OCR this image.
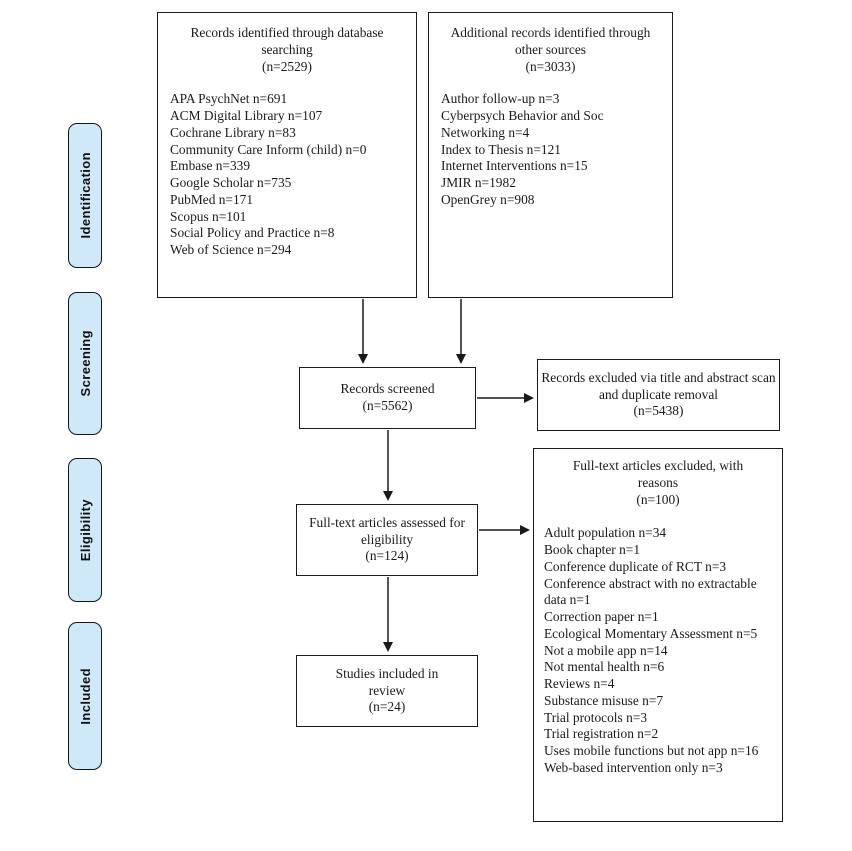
Identification
Screening
Eligibility
Included
Records identified through database searching
(n=2529)
APA PsychNet n=691
ACM Digital Library n=107
Cochrane Library n=83
Community Care Inform (child) n=0
Embase n=339
Google Scholar n=735
PubMed n=171
Scopus n=101
Social Policy and Practice n=8
Web of Science n=294
Additional records identified through other sources
(n=3033)
Author follow-up n=3
Cyberpsych Behavior and Soc Networking n=4
Index to Thesis n=121
Internet Interventions n=15
JMIR n=1982
OpenGrey n=908
Records screened
(n=5562)
Records excluded via title and abstract scan and duplicate removal
(n=5438)
Full-text articles assessed for eligibility
(n=124)
Full-text articles excluded, with reasons
(n=100)
Adult population n=34
Book chapter n=1
Conference duplicate of RCT n=3
Conference abstract with no extractable data n=1
Correction paper n=1
Ecological Momentary Assessment n=5
Not a mobile app n=14
Not mental health n=6
Reviews n=4
Substance misuse n=7
Trial protocols n=3
Trial registration n=2
Uses mobile functions but not app n=16
Web-based intervention only n=3
Studies included in review
(n=24)
